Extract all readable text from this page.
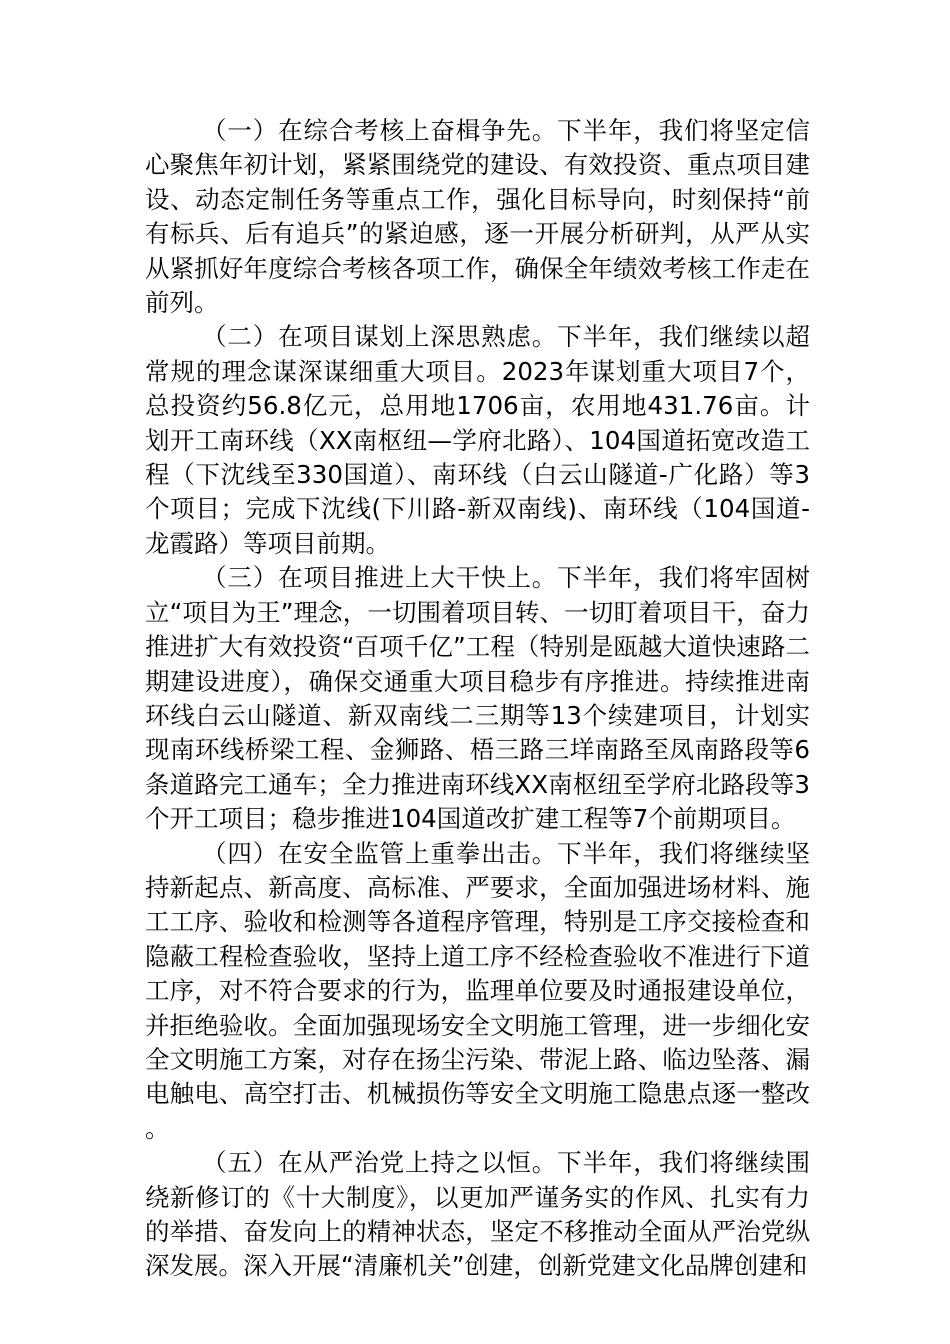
（一）在综合考核上奋楫争先。下半年，我们将坚定信心聚焦年初计划，紧紧围绕党的建设、有效投资、重点项目建设、动态定制任务等重点工作，强化目标导向，时刻保持“前有标兵、后有追兵”的紧迫感，逐一开展分析研判，从严从实从紧抓好年度综合考核各项工作，确保全年绩效考核工作走在前列。

（二）在项目谋划上深思熟虑。下半年，我们继续以超常规的理念谋深谋细重大项目。2023年谋划重大项目7个，总投资约56.8亿元，总用地1706亩，农用地431.76亩。计划开工南环线（XX南枢纽—学府北路）、104国道拓宽改造工程（下沈线至330国道）、南环线（白云山隧道-广化路）等3个项目；完成下沈线(下川路-新双南线)、南环线（104国道-龙霞路）等项目前期。

（三）在项目推进上大干快上。下半年，我们将牢固树立“项目为王”理念，一切围着项目转、一切盯着项目干，奋力推进扩大有效投资“百项千亿”工程（特别是瓯越大道快速路二期建设进度），确保交通重大项目稳步有序推进。持续推进南环线白云山隧道、新双南线二三期等13个续建项目，计划实现南环线桥梁工程、金狮路、梧三路三垟南路至凤南路段等6条道路完工通车；全力推进南环线XX南枢纽至学府北路段等3个开工项目；稳步推进104国道改扩建工程等7个前期项目。

（四）在安全监管上重拳出击。下半年，我们将继续坚持新起点、新高度、高标准、严要求，全面加强进场材料、施工工序、验收和检测等各道程序管理，特别是工序交接检查和隐蔽工程检查验收，坚持上道工序不经检查验收不准进行下道工序，对不符合要求的行为，监理单位要及时通报建设单位，并拒绝验收。全面加强现场安全文明施工管理，进一步细化安全文明施工方案，对存在扬尘污染、带泥上路、临边坠落、漏电触电、高空打击、机械损伤等安全文明施工隐患点逐一整改。

（五）在从严治党上持之以恒。下半年，我们将继续围绕新修订的《十大制度》，以更加严谨务实的作风、扎实有力的举措、奋发向上的精神状态，坚定不移推动全面从严治党纵深发展。深入开展“清廉机关”创建，创新党建文化品牌创建和
